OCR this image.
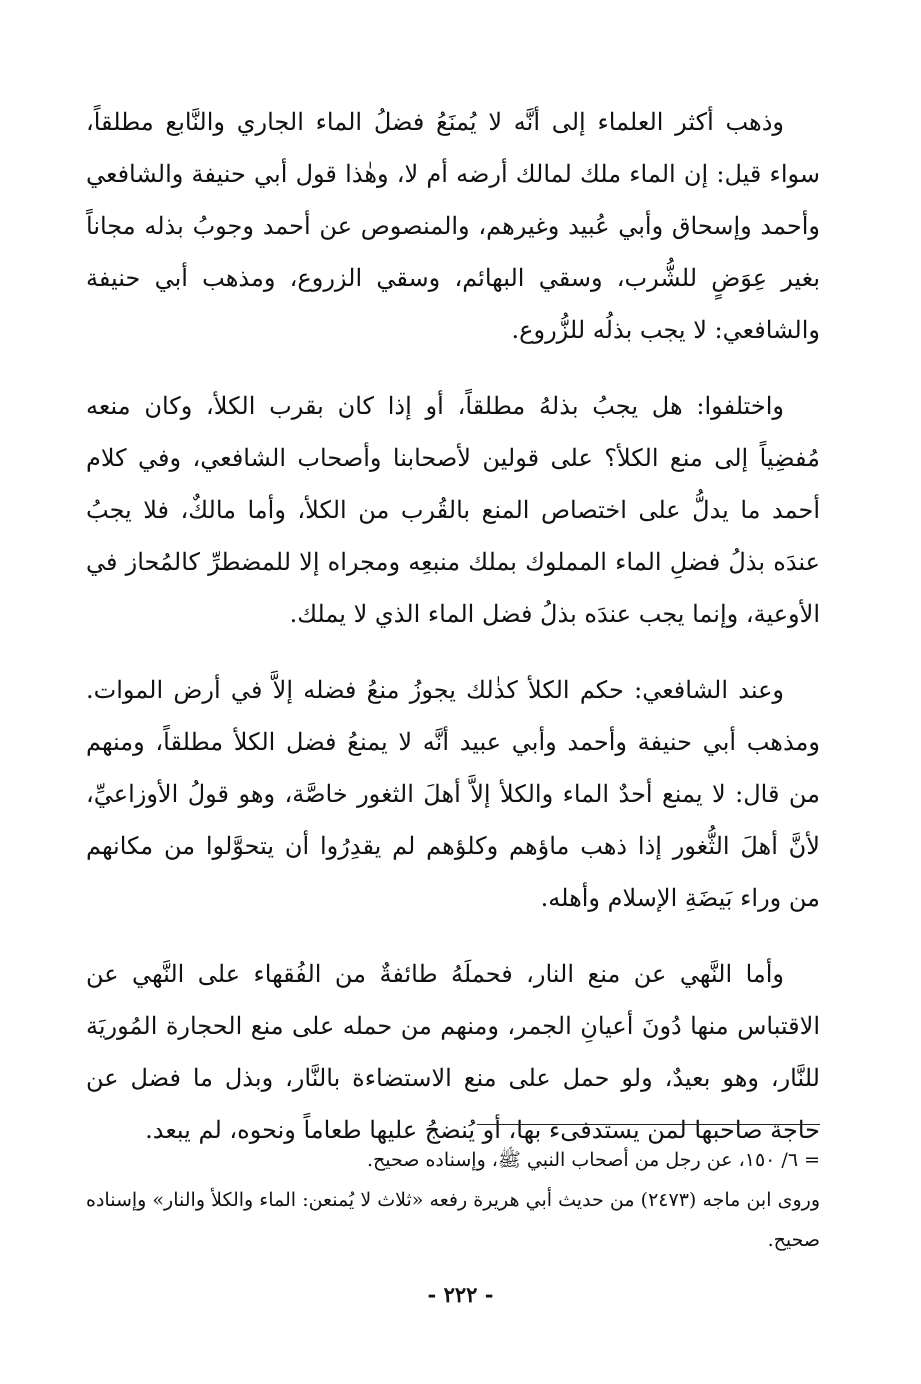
وذهب أكثر العلماء إلى أنَّه لا يُمنَعُ فضلُ الماء الجاري والنَّابع مطلقاً، سواء قيل: إن الماء ملك لمالك أرضه أم لا، وهٰذا قول أبي حنيفة والشافعي وأحمد وإسحاق وأبي عُبيد وغيرهم، والمنصوص عن أحمد وجوبُ بذله مجاناً بغير عِوَضٍ للشُّرب، وسقي البهائم، وسقي الزروع، ومذهب أبي حنيفة والشافعي: لا يجب بذلُه للزُّروع.

واختلفوا: هل يجبُ بذلهُ مطلقاً، أو إذا كان بقرب الكلأ، وكان منعه مُفضِياً إلى منع الكلأ؟ على قولين لأصحابنا وأصحاب الشافعي، وفي كلام أحمد ما يدلُّ على اختصاص المنع بالقُرب من الكلأ، وأما مالكٌ، فلا يجبُ عندَه بذلُ فضلِ الماء المملوك بملك منبعِه ومجراه إلا للمضطرِّ كالمُحاز في الأوعية، وإنما يجب عندَه بذلُ فضل الماء الذي لا يملك.

وعند الشافعي: حكم الكلأ كذٰلك يجوزُ منعُ فضله إلاَّ في أرض الموات. ومذهب أبي حنيفة وأحمد وأبي عبيد أنَّه لا يمنعُ فضل الكلأ مطلقاً، ومنهم من قال: لا يمنع أحدٌ الماء والكلأ إلاَّ أهلَ الثغور خاصَّة، وهو قولُ الأوزاعيِّ، لأنَّ أهلَ الثُّغور إذا ذهب ماؤهم وكلؤهم لم يقدِرُوا أن يتحوَّلوا من مكانهم من وراء بَيضَةِ الإسلام وأهله.

وأما النَّهي عن منع النار، فحملَهُ طائفةٌ من الفُقهاء على النَّهي عن الاقتباس منها دُونَ أعيانِ الجمر، ومنهم من حمله على منع الحجارة المُوريَة للنَّار، وهو بعيدٌ، ولو حمل على منع الاستضاءة بالنَّار، وبذل ما فضل عن حاجة صاحبها لمن يستدفىء بها، أو يُنضجُ عليها طعاماً ونحوه، لم يبعد.

= ٦/ ١٥٠، عن رجل من أصحاب النبي ﷺ، وإسناده صحيح.

وروى ابن ماجه (٢٤٧٣) من حديث أبي هريرة رفعه «ثلاث لا يُمنعن: الماء والكلأ والنار» وإسناده صحيح.

- ٢٢٢ -
